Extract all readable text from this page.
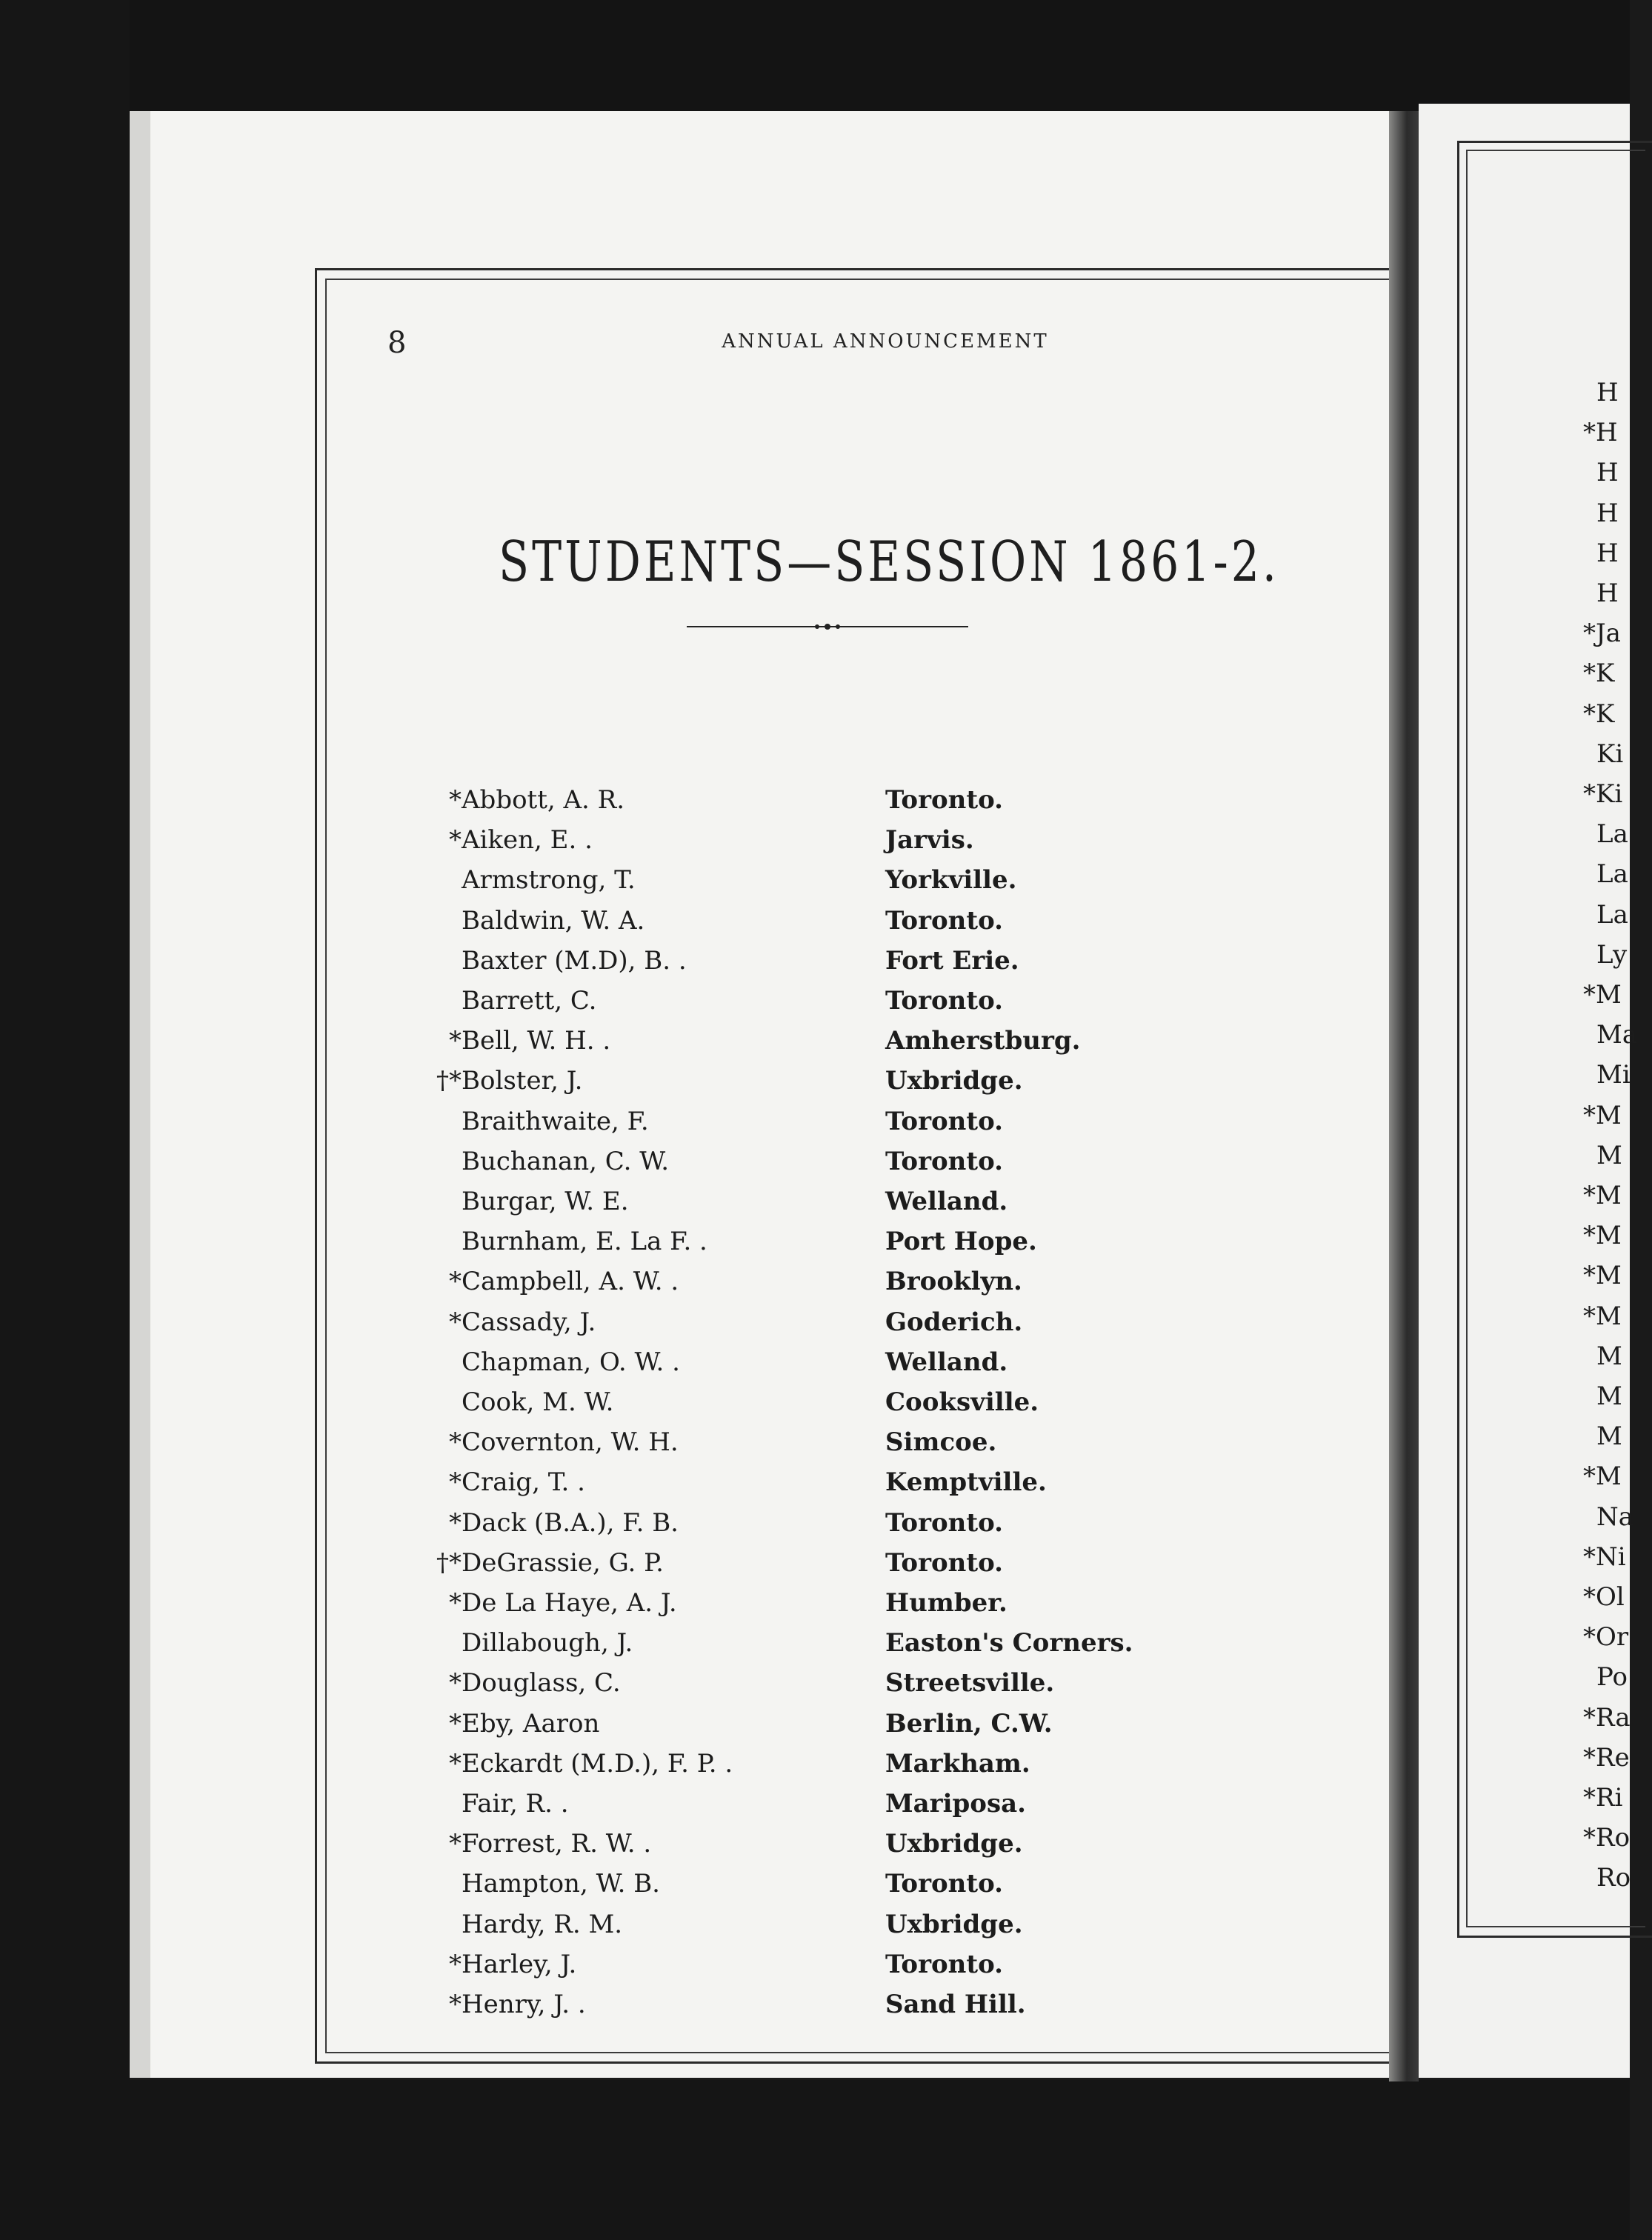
8	ANNUAL ANNOUNCEMENT
STUDENTS—SESSION 1861-2.
* Abbott, A. R.	Toronto.
* Aiken, E. .	Jarvis.
Armstrong, T.	Yorkville.
Baldwin, W. A.	Toronto.
Baxter (M.D), B. .	Fort Erie.
Barrett, C.	Toronto.
* Bell, W. H. .	Amherstburg.
†* Bolster, J.	Uxbridge.
Braithwaite, F.	Toronto.
Buchanan, C. W.	Toronto.
Burgar, W. E.	Welland.
Burnham, E. La F. .	Port Hope.
* Campbell, A. W. .	Brooklyn.
* Cassady, J.	Goderich.
Chapman, O. W. .	Welland.
Cook, M. W.	Cooksville.
* Covernton, W. H.	Simcoe.
* Craig, T. .	Kemptville.
* Dack (B.A.), F. B.	Toronto.
†* DeGrassie, G. P.	Toronto.
* De La Haye, A. J.	Humber.
Dillabough, J.	Easton's Corners.
* Douglass, C.	Streetsville.
* Eby, Aaron	Berlin, C.W.
* Eckardt (M.D.), F. P. .	Markham.
Fair, R. .	Mariposa.
* Forrest, R. W. .	Uxbridge.
Hampton, W. B.	Toronto.
Hardy, R. M.	Uxbridge.
* Harley, J.	Toronto.
* Henry, J. .	Sand Hill.
H
*H
H
H
H
H
*Ja
*K
*K
Ki
*Ki
La
La
La
Ly
*M
Ma
Mi
*M
M
*M
*M
*M
*M
M
M
M
*M
Na
*Ni
*Ol
*Or
Po
*Ra
*Re
*Ri
*Ro
Ro
